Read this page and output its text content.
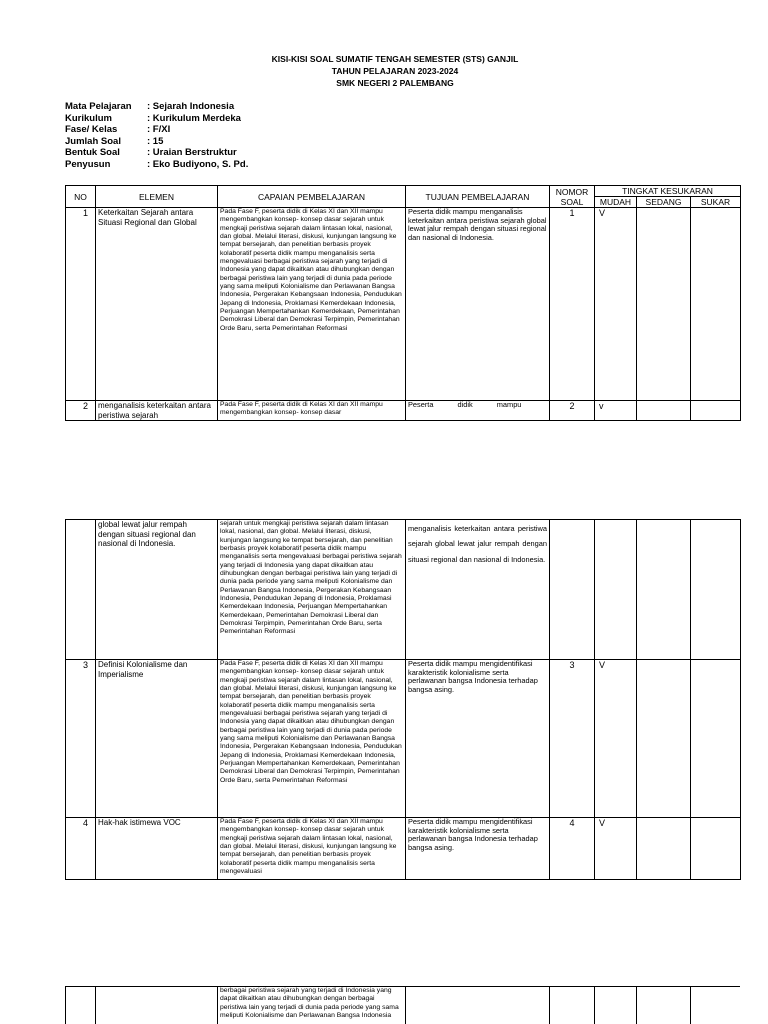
KISI-KISI SOAL SUMATIF TENGAH SEMESTER (STS) GANJIL
TAHUN PELAJARAN 2023-2024
SMK NEGERI 2 PALEMBANG
Mata Pelajaran	: Sejarah Indonesia
Kurikulum	: Kurikulum Merdeka
Fase/ Kelas	: F/XI
Jumlah Soal	: 15
Bentuk Soal	: Uraian Berstruktur
Penyusun	: Eko Budiyono, S. Pd.
NO	ELEMEN	CAPAIAN PEMBELAJARAN	TUJUAN PEMBELAJARAN	NOMOR SOAL	TINGKAT KESUKARAN		
					MUDAH	SEDANG	SUKAR
1	Keterkaitan Sejarah antara Situasi Regional dan Global	Pada Fase F, peserta didik di Kelas XI dan XII mampu mengembangkan konsep- konsep dasar sejarah untuk mengkaji peristiwa sejarah dalam lintasan lokal, nasional, dan global. Melalui literasi, diskusi, kunjungan langsung ke tempat bersejarah, dan penelitian berbasis proyek kolaboratif peserta didik mampu menganalisis serta mengevaluasi berbagai peristiwa sejarah yang terjadi di Indonesia yang dapat dikaitkan atau dihubungkan dengan berbagai peristiwa lain yang terjadi di dunia pada periode yang sama meliputi Kolonialisme dan Perlawanan Bangsa Indonesia, Pergerakan Kebangsaan Indonesia, Pendudukan Jepang di Indonesia, Proklamasi Kemerdekaan Indonesia, Perjuangan Mempertahankan Kemerdekaan, Pemerintahan Demokrasi Liberal dan Demokrasi Terpimpin, Pemerintahan Orde Baru, serta Pemerintahan Reformasi	Peserta didik mampu menganalisis keterkaitan antara peristiwa sejarah global lewat jalur rempah dengan situasi regional dan nasional di Indonesia.	1	V		
2	menganalisis keterkaitan antara peristiwa sejarah	Pada Fase F, peserta didik di Kelas XI dan XII mampu mengembangkan konsep- konsep dasar	Peserta didik mampu	2	v		
	global lewat jalur rempah dengan situasi regional dan nasional di Indonesia.	sejarah untuk mengkaji peristiwa sejarah dalam lintasan lokal, nasional, dan global. Melalui literasi, diskusi, kunjungan langsung ke tempat bersejarah, dan penelitian berbasis proyek kolaboratif peserta didik mampu menganalisis serta mengevaluasi berbagai peristiwa sejarah yang terjadi di Indonesia yang dapat dikaitkan atau dihubungkan dengan berbagai peristiwa lain yang terjadi di dunia pada periode yang sama meliputi Kolonialisme dan Perlawanan Bangsa Indonesia, Pergerakan Kebangsaan Indonesia, Pendudukan Jepang di Indonesia, Proklamasi Kemerdekaan Indonesia, Perjuangan Mempertahankan Kemerdekaan, Pemerintahan Demokrasi Liberal dan Demokrasi Terpimpin, Pemerintahan Orde Baru, serta Pemerintahan Reformasi	menganalisis keterkaitan antara peristiwa sejarah global lewat jalur rempah dengan situasi regional dan nasional di Indonesia.				
3	Definisi Kolonialisme dan Imperialisme	Pada Fase F, peserta didik di Kelas XI dan XII mampu mengembangkan konsep- konsep dasar sejarah untuk mengkaji peristiwa sejarah dalam lintasan lokal, nasional, dan global. Melalui literasi, diskusi, kunjungan langsung ke tempat bersejarah, dan penelitian berbasis proyek kolaboratif peserta didik mampu menganalisis serta mengevaluasi berbagai peristiwa sejarah yang terjadi di Indonesia yang dapat dikaitkan atau dihubungkan dengan berbagai peristiwa lain yang terjadi di dunia pada periode yang sama meliputi Kolonialisme dan Perlawanan Bangsa Indonesia, Pergerakan Kebangsaan Indonesia, Pendudukan Jepang di Indonesia, Proklamasi Kemerdekaan Indonesia, Perjuangan Mempertahankan Kemerdekaan, Pemerintahan Demokrasi Liberal dan Demokrasi Terpimpin, Pemerintahan Orde Baru, serta Pemerintahan Reformasi	Peserta didik mampu mengidentifikasi karakteristik kolonialisme serta perlawanan bangsa Indonesia terhadap bangsa asing.	3	V		
4	Hak-hak istimewa VOC	Pada Fase F, peserta didik di Kelas XI dan XII mampu mengembangkan konsep- konsep dasar sejarah untuk mengkaji peristiwa sejarah dalam lintasan lokal, nasional, dan global. Melalui literasi, diskusi, kunjungan langsung ke tempat bersejarah, dan penelitian berbasis proyek kolaboratif peserta didik mampu menganalisis serta mengevaluasi	Peserta didik mampu mengidentifikasi karakteristik kolonialisme serta perlawanan bangsa Indonesia terhadap bangsa asing.	4	V		
		berbagai peristiwa sejarah yang terjadi di Indonesia yang dapat dikaitkan atau dihubungkan dengan berbagai peristiwa lain yang terjadi di dunia pada periode yang sama meliputi Kolonialisme dan Perlawanan Bangsa Indonesia					
